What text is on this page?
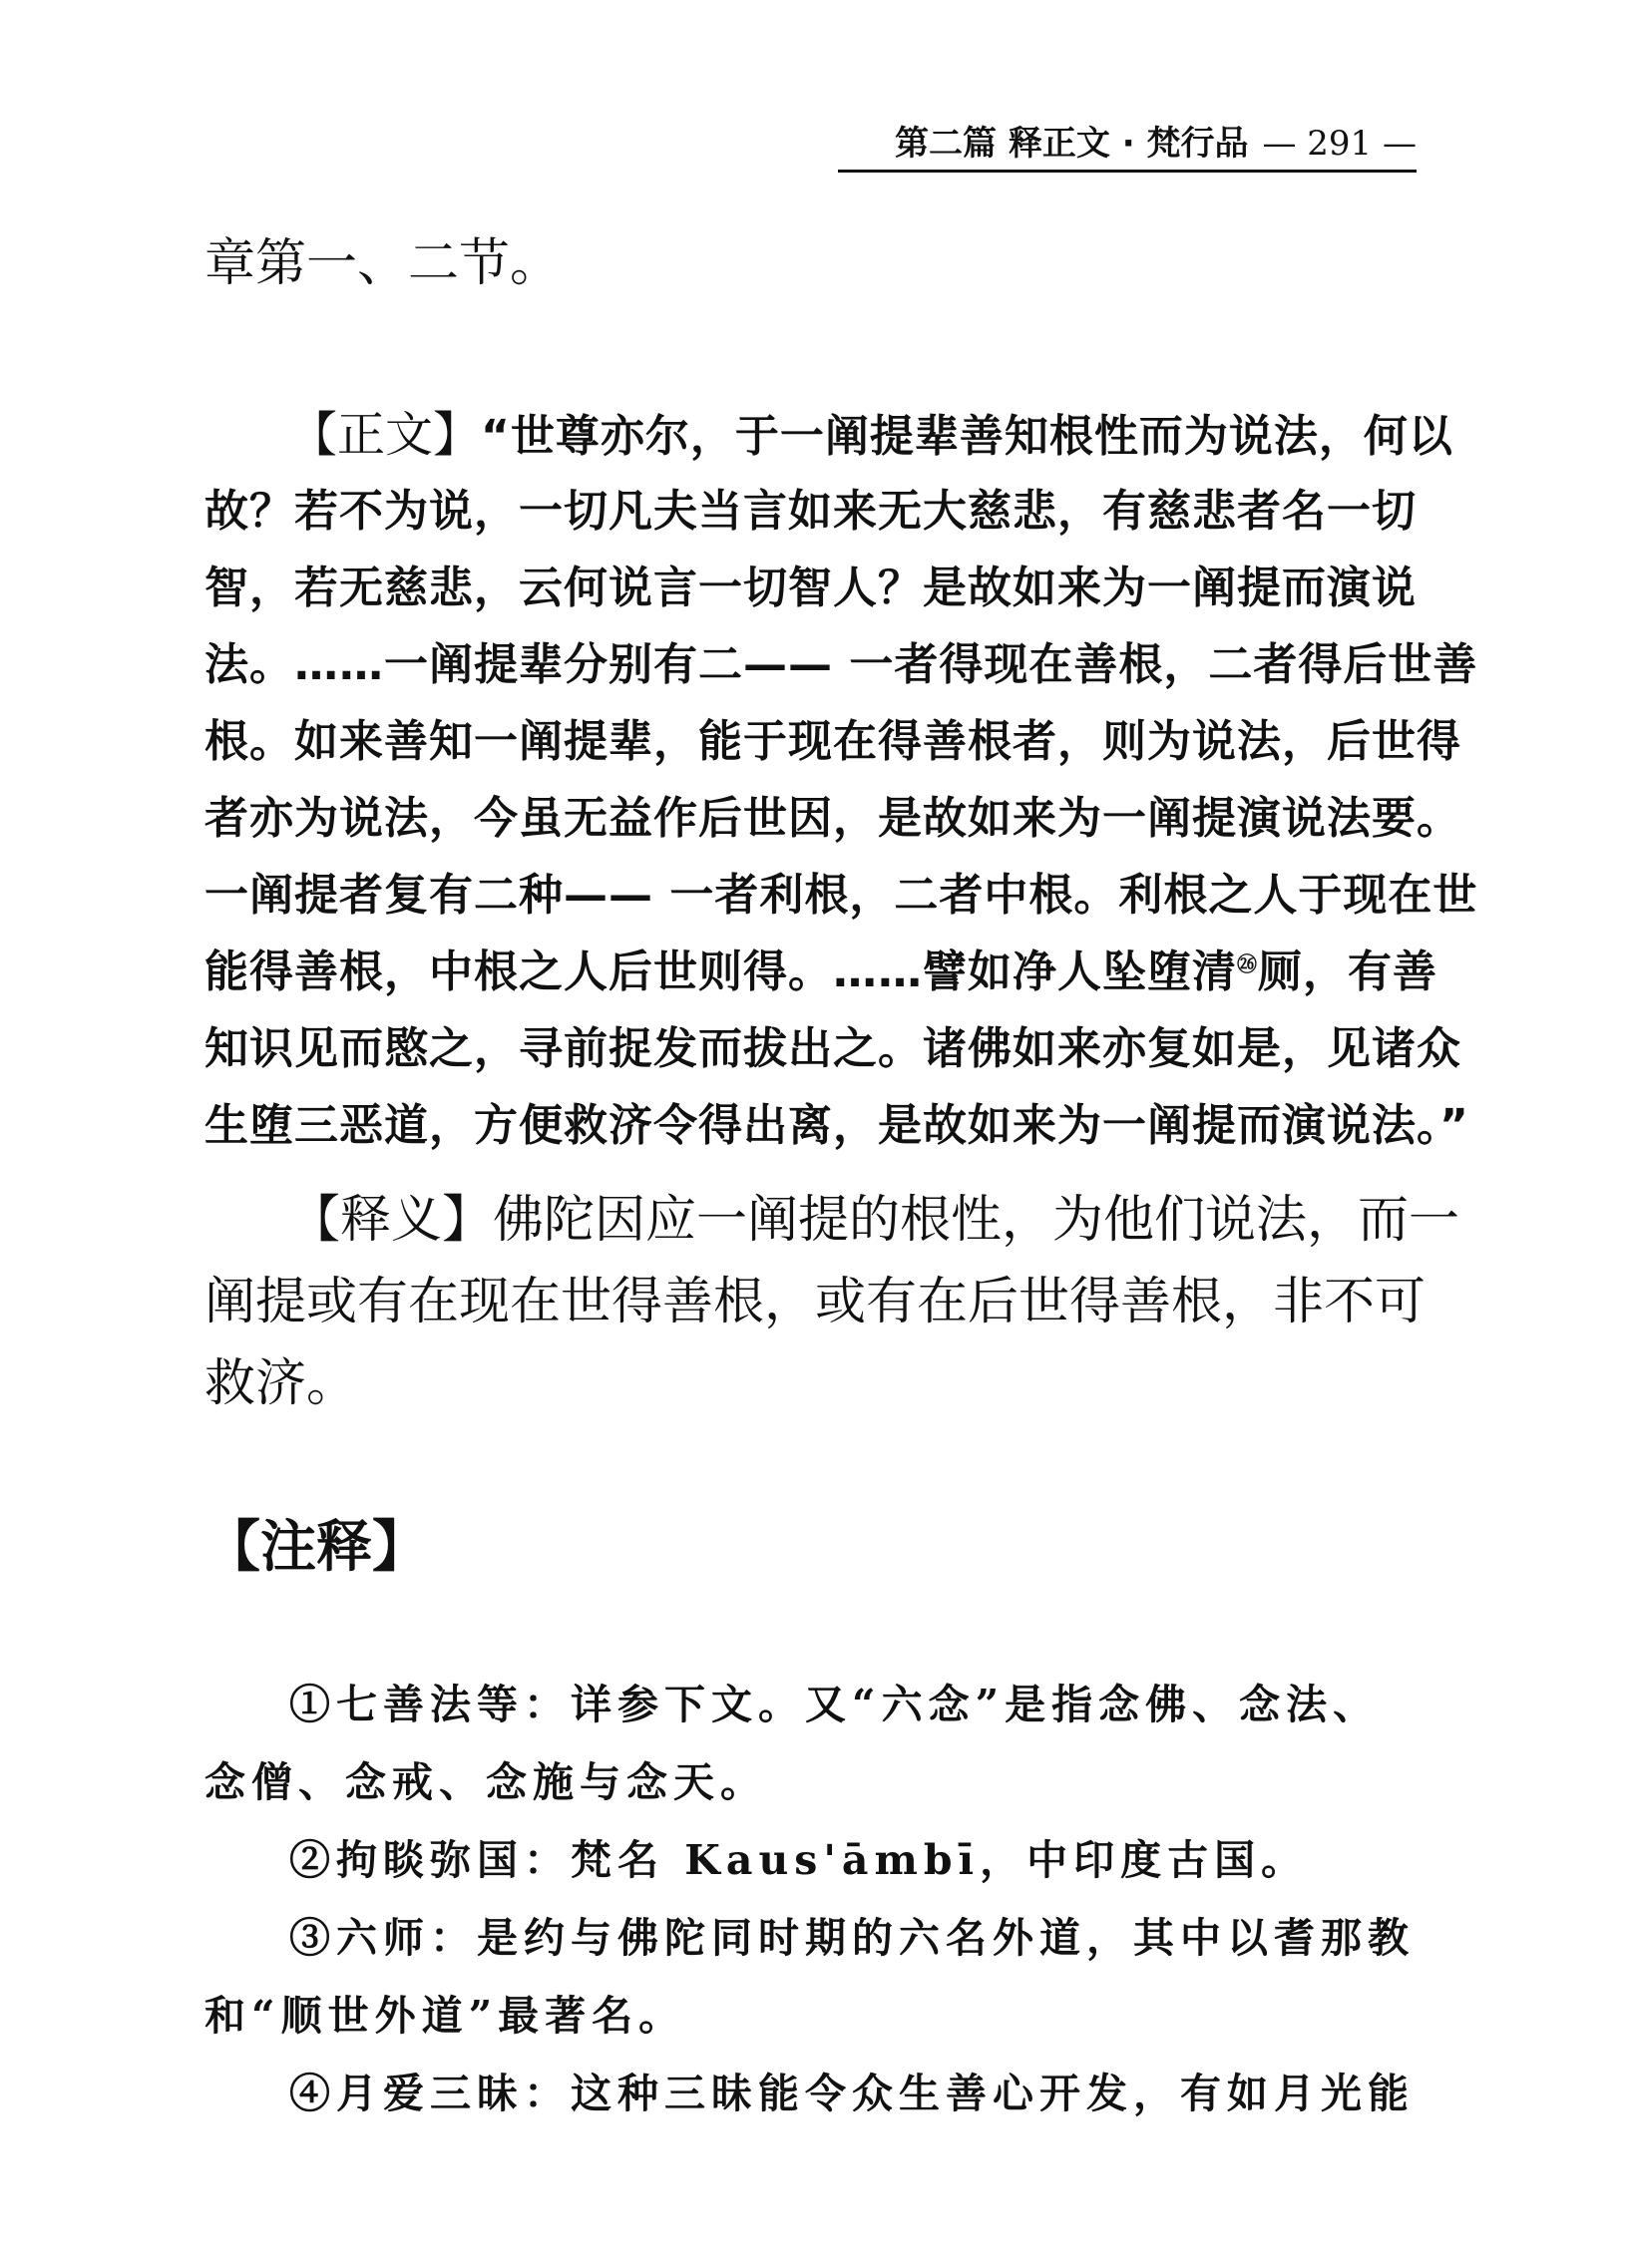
第二篇 释正文 · 梵行品 — 291 —
章第一、二节。
【正文】“世尊亦尔，于一阐提辈善知根性而为说法，何以
故？若不为说，一切凡夫当言如来无大慈悲，有慈悲者名一切
智，若无慈悲，云何说言一切智人？是故如来为一阐提而演说
法。……一阐提辈分别有二—— 一者得现在善根，二者得后世善
根。如来善知一阐提辈，能于现在得善根者，则为说法，后世得
者亦为说法，今虽无益作后世因，是故如来为一阐提演说法要。
一阐提者复有二种—— 一者利根，二者中根。利根之人于现在世
能得善根，中根之人后世则得。……譬如净人坠堕清$^㉖$厕，有善
知识见而愍之，寻前捉发而拔出之。诸佛如来亦复如是，见诸众
生堕三恶道，方便救济令得出离，是故如来为一阐提而演说法。”
【释义】佛陀因应一阐提的根性，为他们说法，而一
阐提或有在现在世得善根，或有在后世得善根，非不可
救济。
【注释】
①七善法等：详参下文。又“六念”是指念佛、念法、
念僧、念戒、念施与念天。
②拘睒弥国：梵名 Kaus'āmbī，中印度古国。
③六师：是约与佛陀同时期的六名外道，其中以耆那教
和“顺世外道”最著名。
④月爱三昧：这种三昧能令众生善心开发，有如月光能
